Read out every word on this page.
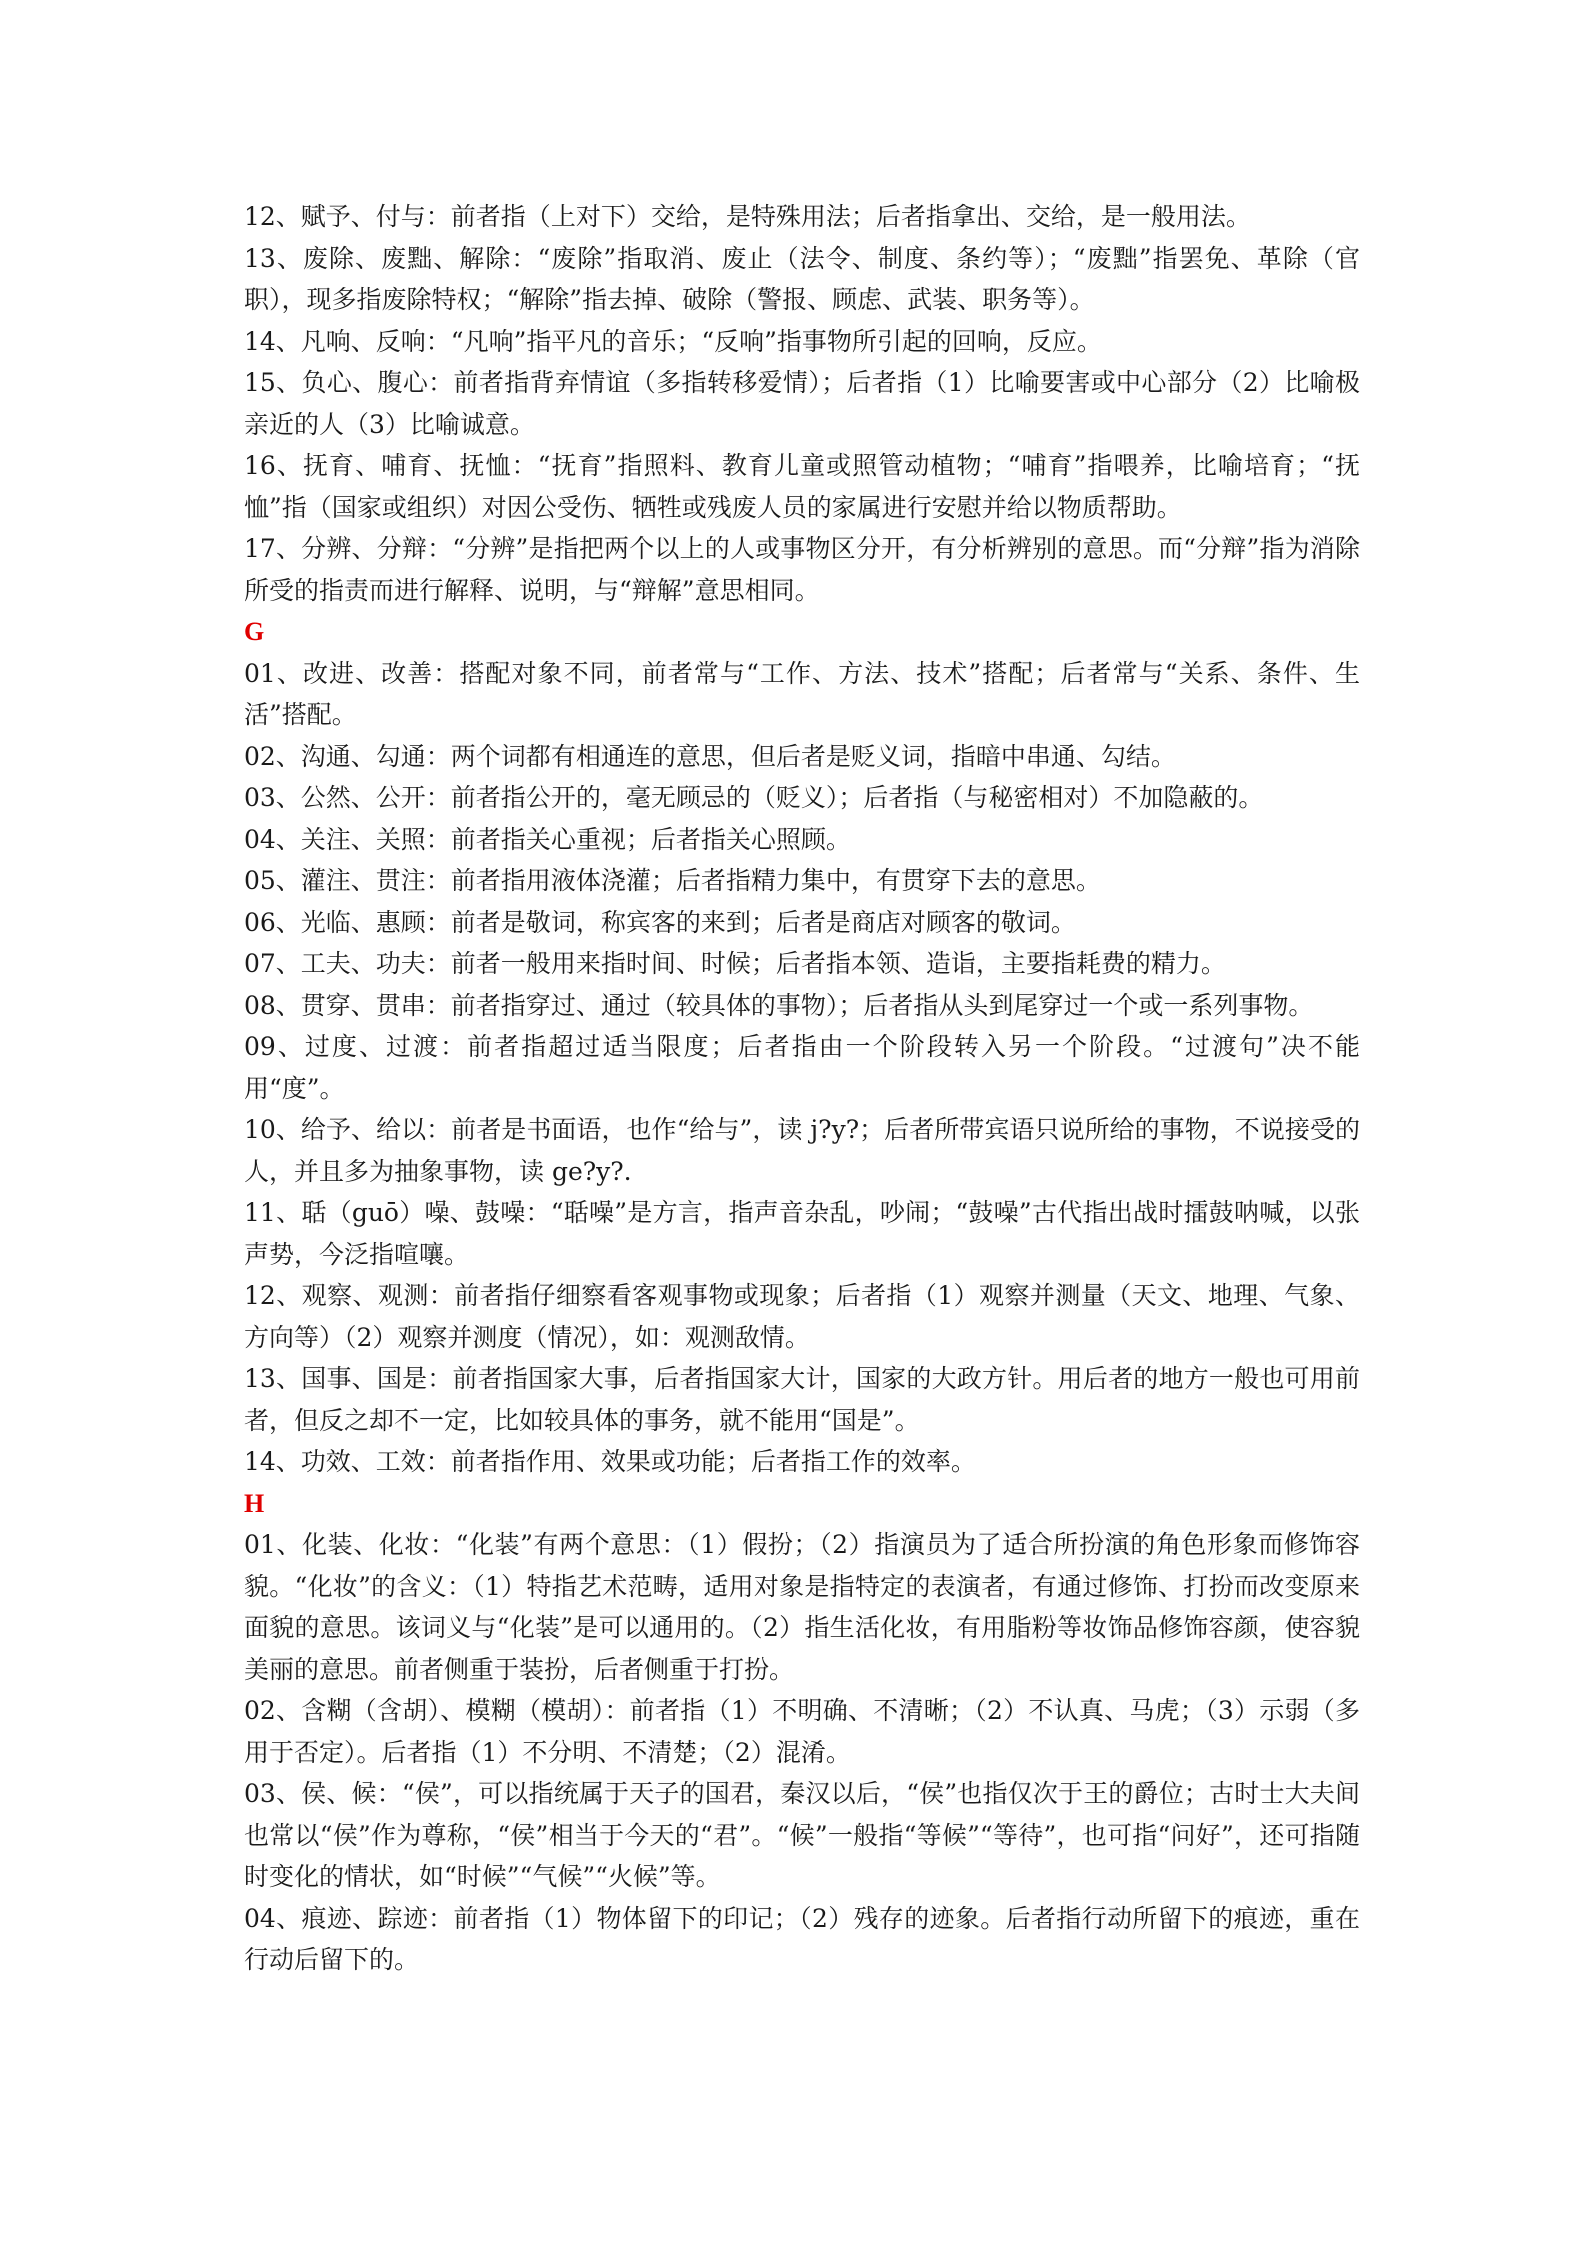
12、赋予、付与：前者指（上对下）交给，是特殊用法；后者指拿出、交给，是一般用法。

13、废除、废黜、解除：“废除”指取消、废止（法令、制度、条约等）；“废黜”指罢免、革除（官职），现多指废除特权；“解除”指去掉、破除（警报、顾虑、武装、职务等）。

14、凡响、反响：“凡响”指平凡的音乐；“反响”指事物所引起的回响，反应。

15、负心、腹心：前者指背弃情谊（多指转移爱情）；后者指（1）比喻要害或中心部分（2）比喻极亲近的人（3）比喻诚意。

16、抚育、哺育、抚恤：“抚育”指照料、教育儿童或照管动植物；“哺育”指喂养，比喻培育；“抚恤”指（国家或组织）对因公受伤、牺牲或残废人员的家属进行安慰并给以物质帮助。

17、分辨、分辩：“分辨”是指把两个以上的人或事物区分开，有分析辨别的意思。而“分辩”指为消除所受的指责而进行解释、说明，与“辩解”意思相同。

G

01、改进、改善：搭配对象不同，前者常与“工作、方法、技术”搭配；后者常与“关系、条件、生活”搭配。

02、沟通、勾通：两个词都有相通连的意思，但后者是贬义词，指暗中串通、勾结。

03、公然、公开：前者指公开的，毫无顾忌的（贬义）；后者指（与秘密相对）不加隐蔽的。

04、关注、关照：前者指关心重视；后者指关心照顾。

05、灌注、贯注：前者指用液体浇灌；后者指精力集中，有贯穿下去的意思。

06、光临、惠顾：前者是敬词，称宾客的来到；后者是商店对顾客的敬词。

07、工夫、功夫：前者一般用来指时间、时候；后者指本领、造诣，主要指耗费的精力。

08、贯穿、贯串：前者指穿过、通过（较具体的事物）；后者指从头到尾穿过一个或一系列事物。

09、过度、过渡：前者指超过适当限度；后者指由一个阶段转入另一个阶段。“过渡句”决不能用“度”。

10、给予、给以：前者是书面语，也作“给与”，读 j?y?；后者所带宾语只说所给的事物，不说接受的人，并且多为抽象事物，读 ge?y?.

11、聒（guō）噪、鼓噪：“聒噪”是方言，指声音杂乱，吵闹；“鼓噪”古代指出战时擂鼓呐喊，以张声势，今泛指喧嚷。

12、观察、观测：前者指仔细察看客观事物或现象；后者指（1）观察并测量（天文、地理、气象、方向等）（2）观察并测度（情况），如：观测敌情。

13、国事、国是：前者指国家大事，后者指国家大计，国家的大政方针。用后者的地方一般也可用前者，但反之却不一定，比如较具体的事务，就不能用“国是”。

14、功效、工效：前者指作用、效果或功能；后者指工作的效率。

H

01、化装、化妆：“化装”有两个意思：（1）假扮；（2）指演员为了适合所扮演的角色形象而修饰容貌。“化妆”的含义：（1）特指艺术范畴，适用对象是指特定的表演者，有通过修饰、打扮而改变原来面貌的意思。该词义与“化装”是可以通用的。（2）指生活化妆，有用脂粉等妆饰品修饰容颜，使容貌美丽的意思。前者侧重于装扮，后者侧重于打扮。

02、含糊（含胡）、模糊（模胡）：前者指（1）不明确、不清晰；（2）不认真、马虎；（3）示弱（多用于否定）。后者指（1）不分明、不清楚；（2）混淆。

03、侯、候：“侯”，可以指统属于天子的国君，秦汉以后，“侯”也指仅次于王的爵位；古时士大夫间也常以“侯”作为尊称，“侯”相当于今天的“君”。“候”一般指“等候”“等待”，也可指“问好”，还可指随时变化的情状，如“时候”“气候”“火候”等。

04、痕迹、踪迹：前者指（1）物体留下的印记；（2）残存的迹象。后者指行动所留下的痕迹，重在行动后留下的。
